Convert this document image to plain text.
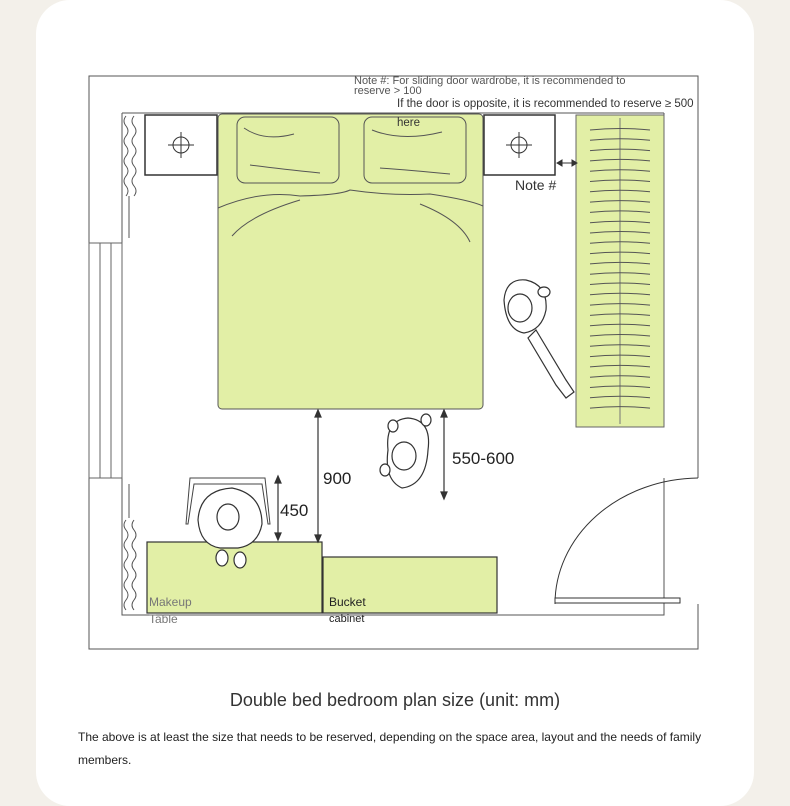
Note #: For sliding door wardrobe, it is recommended to
reserve > 100
If the door is opposite, it is recommended to reserve ≥ 500
here
Note #
900
450
550-600
Makeup
Table
Bucket
cabinet
Double bed bedroom plan size (unit: mm)
The above is at least the size that needs to be reserved, depending on the space area, layout and the needs of family members.
